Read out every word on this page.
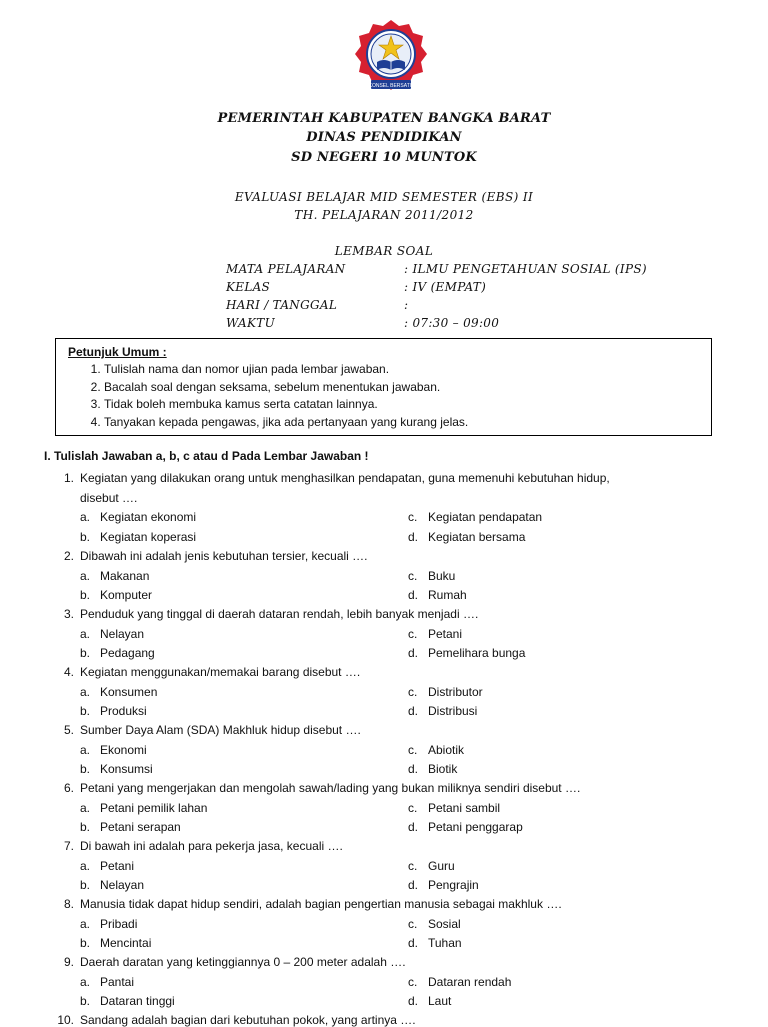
KONSEL BERSATU
PEMERINTAH KABUPATEN BANGKA BARAT
DINAS PENDIDIKAN
SD NEGERI 10 MUNTOK
EVALUASI BELAJAR MID SEMESTER (EBS) II
TH. PELAJARAN 2011/2012
LEMBAR SOAL
MATA PELAJARAN	: ILMU PENGETAHUAN SOSIAL (IPS)
KELAS	: IV (EMPAT)
HARI / TANGGAL	:
WAKTU	: 07:30 – 09:00
Petunjuk Umum :
1. Tulislah nama dan nomor ujian pada lembar jawaban.
2. Bacalah soal dengan seksama, sebelum menentukan jawaban.
3. Tidak boleh membuka kamus serta catatan lainnya.
4. Tanyakan kepada pengawas, jika ada pertanyaan yang kurang jelas.
I. Tulislah Jawaban a, b, c atau d Pada Lembar Jawaban !
1. Kegiatan yang dilakukan orang untuk menghasilkan pendapatan, guna memenuhi kebutuhan hidup,
disebut ….
a. Kegiatan ekonomi	c. Kegiatan pendapatan
b. Kegiatan koperasi	d. Kegiatan bersama
2. Dibawah ini adalah jenis kebutuhan tersier, kecuali ….
a. Makanan	c. Buku
b. Komputer	d. Rumah
3. Penduduk yang tinggal di daerah dataran rendah, lebih banyak menjadi ….
a. Nelayan	c. Petani
b. Pedagang	d. Pemelihara bunga
4. Kegiatan menggunakan/memakai barang disebut ….
a. Konsumen	c. Distributor
b. Produksi	d. Distribusi
5. Sumber Daya Alam (SDA) Makhluk hidup disebut ….
a. Ekonomi	c. Abiotik
b. Konsumsi	d. Biotik
6. Petani yang mengerjakan dan mengolah sawah/lading yang bukan miliknya sendiri disebut ….
a. Petani pemilik lahan	c. Petani sambil
b. Petani serapan	d. Petani penggarap
7. Di bawah ini adalah para pekerja jasa, kecuali ….
a. Petani	c. Guru
b. Nelayan	d. Pengrajin
8. Manusia tidak dapat hidup sendiri, adalah bagian pengertian manusia sebagai makhluk ….
a. Pribadi	c. Sosial
b. Mencintai	d. Tuhan
9. Daerah daratan yang ketinggiannya 0 – 200 meter adalah ….
a. Pantai	c. Dataran rendah
b. Dataran tinggi	d. Laut
10. Sandang adalah bagian dari kebutuhan pokok, yang artinya ….
